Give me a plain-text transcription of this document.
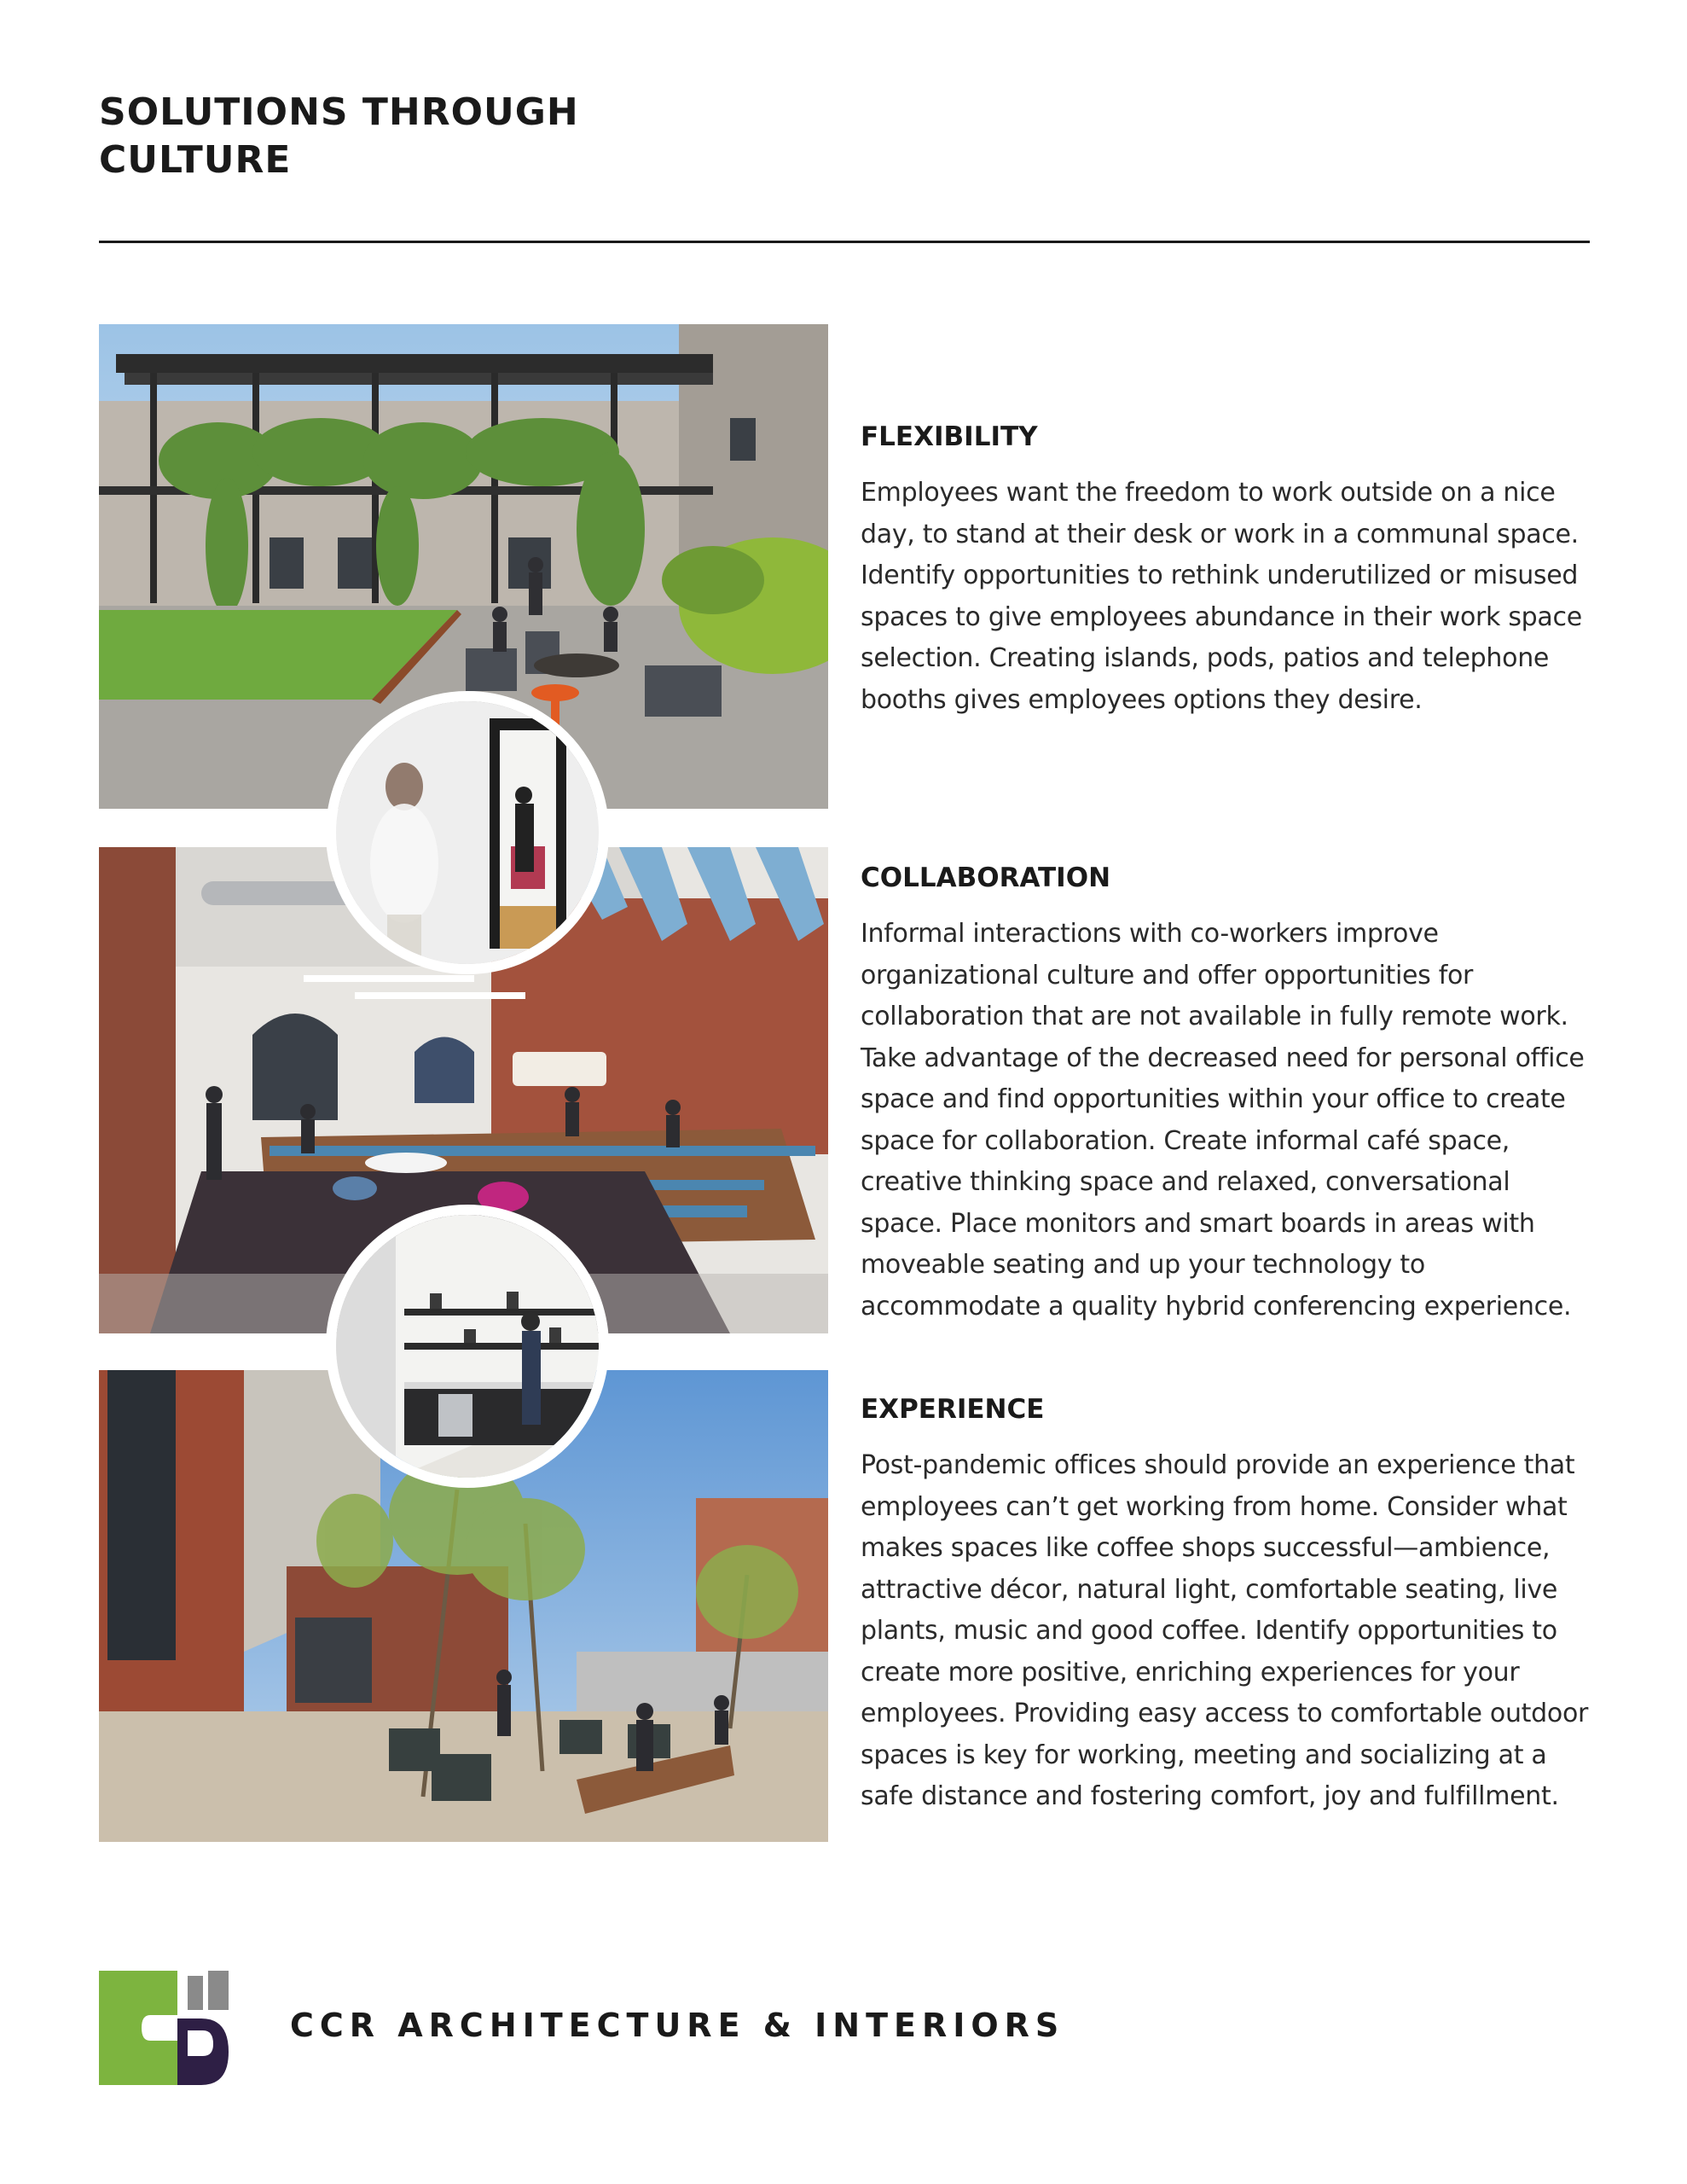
SOLUTIONS THROUGH
CULTURE
FLEXIBILITY

Employees want the freedom to work outside on a nice day, to stand at their desk or work in a communal space. Identify opportunities to rethink underutilized or misused spaces to give employees abundance in their work space selection. Creating islands, pods, patios and telephone booths gives employees options they desire.

COLLABORATION

Informal interactions with co-workers improve organizational culture and offer opportunities for collaboration that are not available in fully remote work. Take advantage of the decreased need for personal office space and find opportunities within your office to create space for collaboration. Create informal café space, creative thinking space and relaxed, conversational space. Place monitors and smart boards in areas with moveable seating and up your technology to accommodate a quality hybrid conferencing experience.

EXPERIENCE

Post-pandemic offices should provide an experience that employees can’t get working from home. Consider what makes spaces like coffee shops successful—ambience, attractive décor, natural light, comfortable seating, live plants, music and good coffee. Identify opportunities to create more positive, enriching experiences for your employees. Providing easy access to comfortable outdoor spaces is key for working, meeting and socializing at a safe distance and fostering comfort, joy and fulfillment.

CCR ARCHITECTURE & INTERIORS
